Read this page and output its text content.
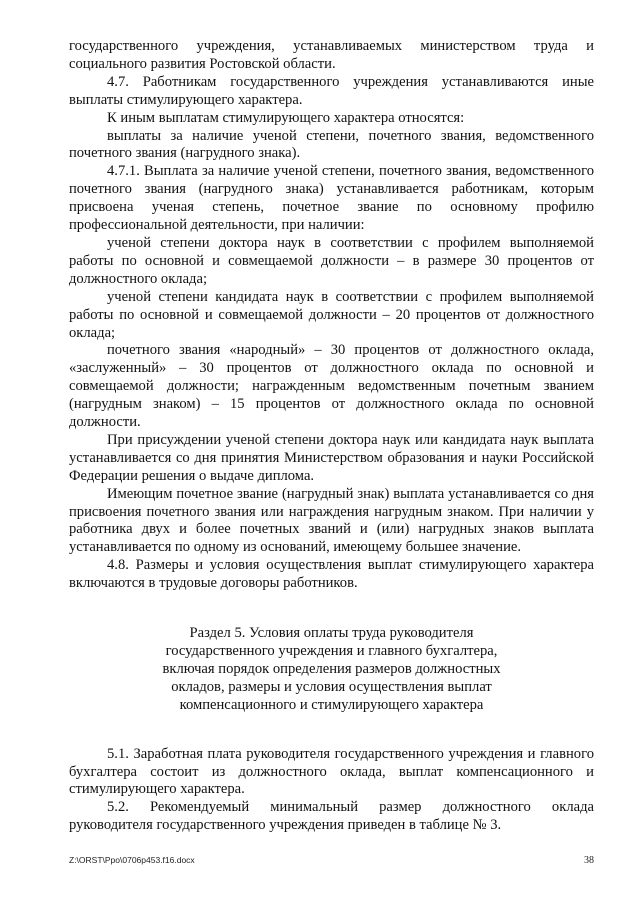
государственного учреждения, устанавливаемых министерством труда и социального развития Ростовской области.

4.7. Работникам государственного учреждения устанавливаются иные выплаты стимулирующего характера.

К иным выплатам стимулирующего характера относятся:

выплаты за наличие ученой степени, почетного звания, ведомственного почетного звания (нагрудного знака).

4.7.1. Выплата за наличие ученой степени, почетного звания, ведомственного почетного звания (нагрудного знака) устанавливается работникам, которым присвоена ученая степень, почетное звание по основному профилю профессиональной деятельности, при наличии:

ученой степени доктора наук в соответствии с профилем выполняемой работы по основной и совмещаемой должности – в размере 30 процентов от должностного оклада;

ученой степени кандидата наук в соответствии с профилем выполняемой работы по основной и совмещаемой должности – 20 процентов от должностного оклада;

почетного звания «народный» – 30 процентов от должностного оклада, «заслуженный» – 30 процентов от должностного оклада по основной и совмещаемой должности; награжденным ведомственным почетным званием (нагрудным знаком) – 15 процентов от должностного оклада по основной должности.

При присуждении ученой степени доктора наук или кандидата наук выплата устанавливается со дня принятия Министерством образования и науки Российской Федерации решения о выдаче диплома.

Имеющим почетное звание (нагрудный знак) выплата устанавливается со дня присвоения почетного звания или награждения нагрудным знаком. При наличии у работника двух и более почетных званий и (или) нагрудных знаков выплата устанавливается по одному из оснований, имеющему большее значение.

4.8. Размеры и условия осуществления выплат стимулирующего характера включаются в трудовые договоры работников.

Раздел 5. Условия оплаты труда руководителя
государственного учреждения и главного бухгалтера,
включая порядок определения размеров должностных
окладов, размеры и условия осуществления выплат
компенсационного и стимулирующего характера

5.1. Заработная плата руководителя государственного учреждения и главного бухгалтера состоит из должностного оклада, выплат компенсационного и стимулирующего характера.

5.2. Рекомендуемый минимальный размер должностного оклада руководителя государственного учреждения приведен в таблице № 3.

Z:\ORST\Ppo\0706p453.f16.docx	38
